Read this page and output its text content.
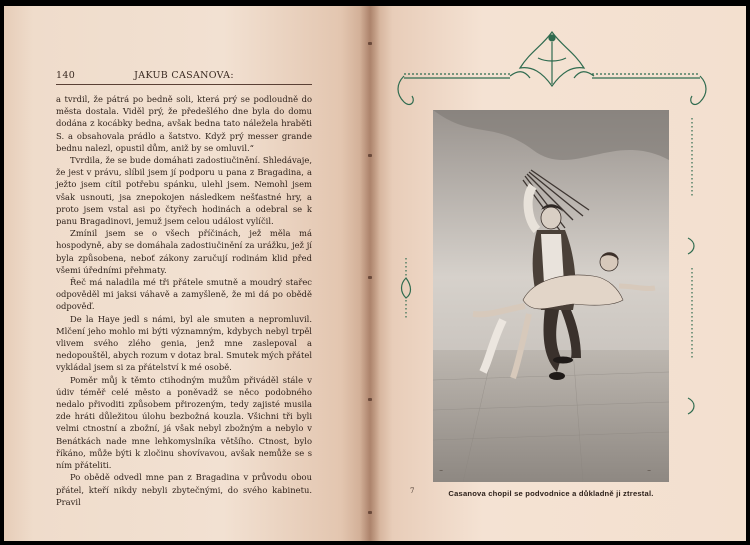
140	JAKUB CASANOVA:

a tvrdil, že pátrá po bedně soli, která prý se podloudně do města dostala. Viděl prý, že předešlého dne byla do domu dodána z kocábky bedna, avšak bedna tato náležela hraběti S. a obsahovala prádlo a šatstvo. Když prý messer grande bednu nalezl, opustil dům, aniž by se omluvil.“

Tvrdila, že se bude domáhati zadostiučinění. Shledávaje, že jest v právu, slíbil jsem jí podporu u pana z Bragadina, a ježto jsem cítil potřebu spánku, ulehl jsem. Nemohl jsem však usnouti, jsa znepokojen následkem nešťastné hry, a proto jsem vstal asi po čtyřech hodinách a odebral se k panu Bragadinovi, jemuž jsem celou událost vylíčil.

Zmínil jsem se o všech příčinách, jež měla má hospodyně, aby se domáhala zadostiučinění za urážku, jež jí byla způsobena, neboť zákony zaručují rodinám klid před všemi úředními přehmaty.

Řeč má naladila mé tři přátele smutně a moudrý stařec odpověděl mi jaksi váhavě a zamyšleně, že mi dá po obědě odpověď.

De la Haye jedl s námi, byl ale smuten a nepromluvil. Mlčení jeho mohlo mi býti významným, kdybych nebyl trpěl vlivem svého zlého genia, jenž mne zaslepoval a nedopouštěl, abych rozum v dotaz bral. Smutek mých přátel vykládal jsem si za přátelství k mé osobě.

Poměr můj k těmto ctihodným mužům přiváděl stále v údiv téměř celé město a poněvadž se něco podobného nedalo přivoditi způsobem přirozeným, tedy zajisté musila zde hráti důležitou úlohu bezbožná kouzla. Všichni tři byli velmi ctnostní a zbožní, já však nebyl zbožným a nebylo v Benátkách nade mne lehkomyslníka většího. Ctnost, bylo říkáno, může býti k zločinu shovívavou, avšak nemůže se s ním přáteliti.

Po obědě odvedl mne pan z Bragadina v průvodu obou přátel, kteří nikdy nebyli zbytečnými, do svého kabinetu. Pravil

~	~
7	Casanova chopil se podvodnice a důkladně ji ztrestal.
